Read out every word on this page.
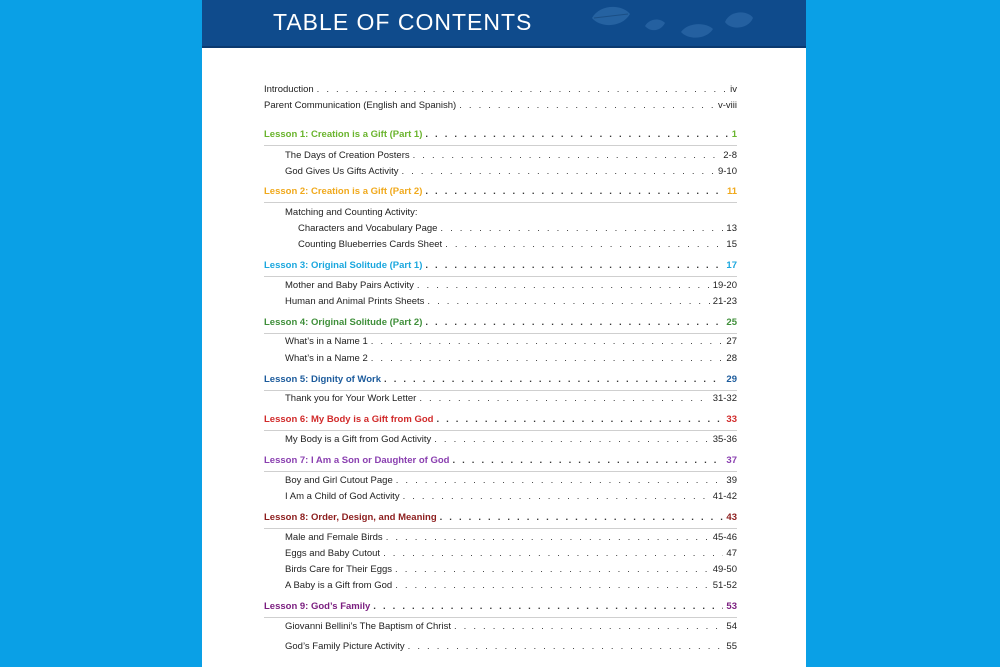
TABLE OF CONTENTS
Introduction . . .	iv
Parent Communication (English and Spanish) . . .	v-viii
Lesson 1: Creation is a Gift (Part 1) . . .	1
The Days of Creation Posters . . .	2-8
God Gives Us Gifts Activity . . .	9-10
Lesson 2: Creation is a Gift (Part 2) . . .	11
Matching and Counting Activity:
Characters and Vocabulary Page . . .	13
Counting Blueberries Cards Sheet . . .	15
Lesson 3: Original Solitude (Part 1) . . .	17
Mother and Baby Pairs Activity . . .	19-20
Human and Animal Prints Sheets . . .	21-23
Lesson 4: Original Solitude (Part 2) . . .	25
What’s in a Name 1 . . .	27
What’s in a Name 2 . . .	28
Lesson 5: Dignity of Work . . .	29
Thank you for Your Work Letter . . .	31-32
Lesson 6: My Body is a Gift from God . . .	33
My Body is a Gift from God Activity . . .	35-36
Lesson 7: I Am a Son or Daughter of God . . .	37
Boy and Girl Cutout Page . . .	39
I Am a Child of God Activity . . .	41-42
Lesson 8: Order, Design, and Meaning . . .	43
Male and Female Birds . . .	45-46
Eggs and Baby Cutout . . .	47
Birds Care for Their Eggs . . .	49-50
A Baby is a Gift from God . . .	51-52
Lesson 9: God’s Family . . .	53
Giovanni Bellini’s The Baptism of Christ . . .	54
God’s Family Picture Activity . . .	55
